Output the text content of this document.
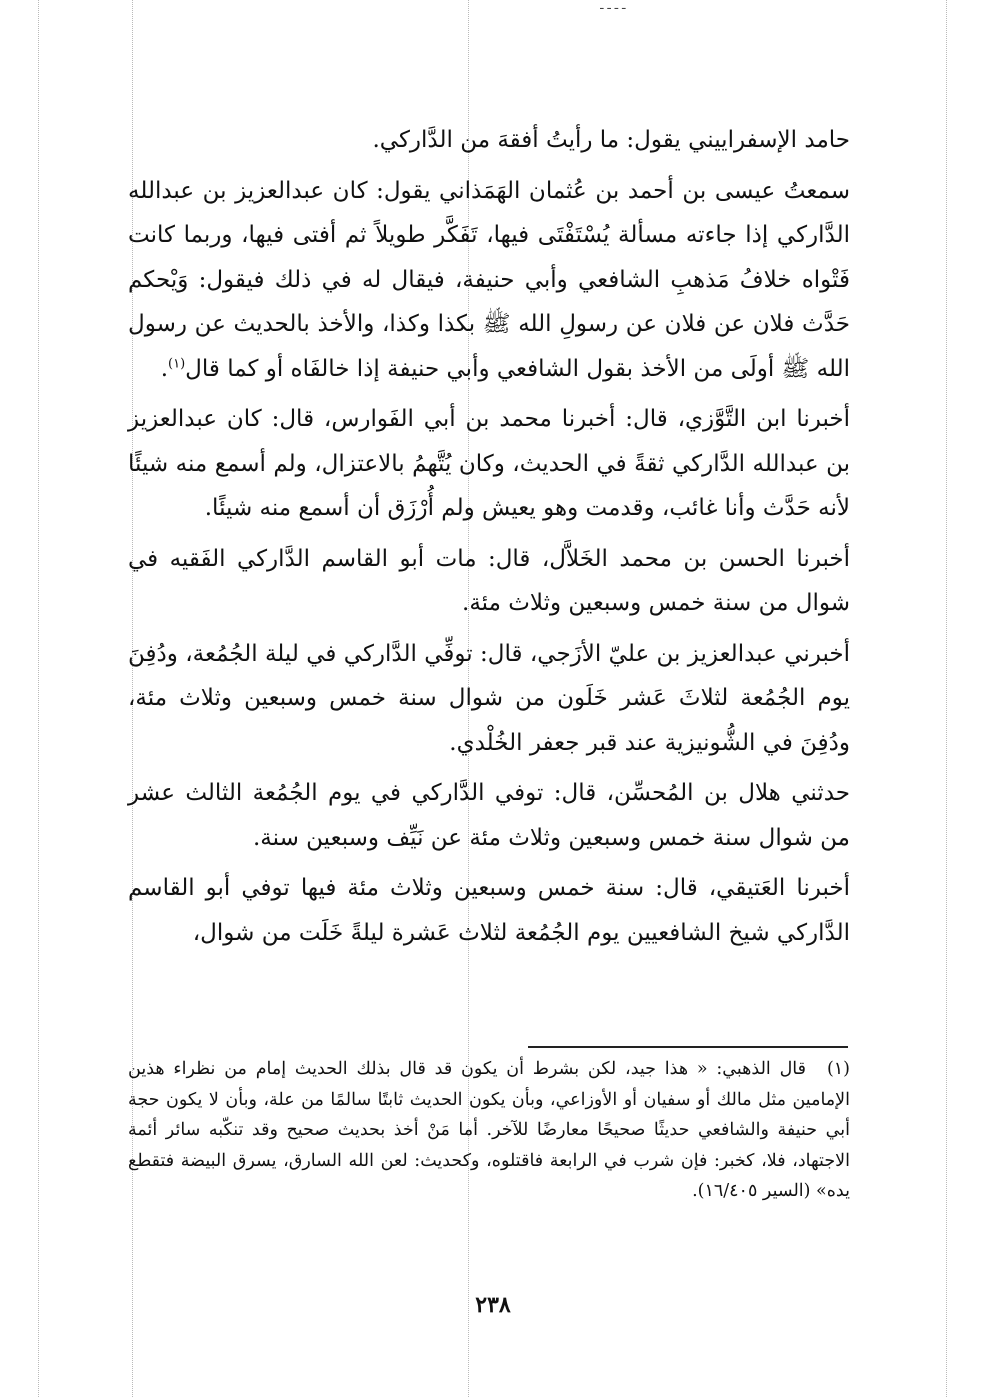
ـ ـ ـ ـ

حامد الإسفراييني يقول: ما رأيتُ أفقهَ من الدَّاركي.

سمعتُ عيسى بن أحمد بن عُثمان الهَمَذاني يقول: كان عبدالعزيز بن عبدالله الدَّاركي إذا جاءته مسألة يُسْتَفْتَى فيها، تَفَكَّر طويلاً ثم أفتى فيها، وربما كانت فَتْواه خلافُ مَذهبِ الشافعي وأبي حنيفة، فيقال له في ذلك فيقول: وَيْحكم حَدَّث فلان عن فلان عن رسولِ الله ﷺ بكذا وكذا، والأخذ بالحديث عن رسول الله ﷺ أولَى من الأخذ بقول الشافعي وأبي حنيفة إذا خالفَاه أو كما قال$^{(١)}$.

أخبرنا ابن التَّوَّزي، قال: أخبرنا محمد بن أبي الفَوارس، قال: كان عبدالعزيز بن عبدالله الدَّاركي ثقةً في الحديث، وكان يُتَّهمُ بالاعتزال، ولم أسمع منه شيئًا لأنه حَدَّث وأنا غائب، وقدمت وهو يعيش ولم أُرْزَق أن أسمع منه شيئًا.

أخبرنا الحسن بن محمد الخَلاَّل، قال: مات أبو القاسم الدَّاركي الفَقيه في شوال من سنة خمس وسبعين وثلاث مئة.

أخبرني عبدالعزيز بن عليّ الأزَجي، قال: توفِّي الدَّاركي في ليلة الجُمُعة، ودُفِنَ يوم الجُمُعة لثلاثَ عَشر خَلَون من شوال سنة خمس وسبعين وثلاث مئة، ودُفِنَ في الشُّونيزية عند قبر جعفر الخُلْدي.

حدثني هلال بن المُحسِّن، قال: توفي الدَّاركي في يوم الجُمُعة الثالث عشر من شوال سنة خمس وسبعين وثلاث مئة عن نَيِّف وسبعين سنة.

أخبرنا العَتيقي، قال: سنة خمس وسبعين وثلاث مئة فيها توفي أبو القاسم الدَّاركي شيخ الشافعيين يوم الجُمُعة لثلاث عَشرة ليلةً خَلَت من شوال،

(١)قال الذهبي: « هذا جيد، لكن بشرط أن يكون قد قال بذلك الحديث إمام من نظراء هذين الإمامين مثل مالك أو سفيان أو الأوزاعي، وبأن يكون الحديث ثابتًا سالمًا من علة، وبأن لا يكون حجة أبي حنيفة والشافعي حديثًا صحيحًا معارضًا للآخر. أما مَنْ أخذ بحديث صحيح وقد تنكّبه سائر أئمة الاجتهاد، فلا، كخبر: فإن شرب في الرابعة فاقتلوه، وكحديث: لعن الله السارق، يسرق البيضة فتقطع يده» (السير ١٦/٤٠٥).
٢٣٨
